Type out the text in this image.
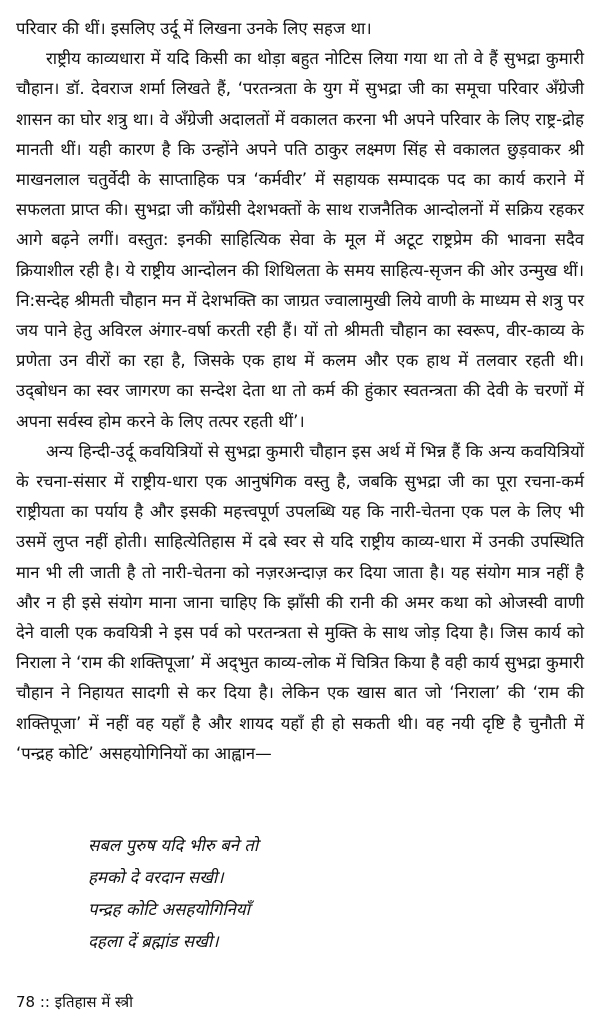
परिवार की थीं। इसलिए उर्दू में लिखना उनके लिए सहज था।

राष्ट्रीय काव्यधारा में यदि किसी का थोड़ा बहुत नोटिस लिया गया था तो वे हैं सुभद्रा कुमारी चौहान। डॉ. देवराज शर्मा लिखते हैं, ‘परतन्त्रता के युग में सुभद्रा जी का समूचा परिवार अँग्रेजी शासन का घोर शत्रु था। वे अँग्रेजी अदालतों में वकालत करना भी अपने परिवार के लिए राष्ट्र-द्रोह मानती थीं। यही कारण है कि उन्होंने अपने पति ठाकुर लक्ष्मण सिंह से वकालत छुड़वाकर श्री माखनलाल चतुर्वेदी के साप्ताहिक पत्र ‘कर्मवीर’ में सहायक सम्पादक पद का कार्य कराने में सफलता प्राप्त की। सुभद्रा जी काँग्रेसी देशभक्तों के साथ राजनैतिक आन्दोलनों में सक्रिय रहकर आगे बढ़ने लगीं। वस्तुत: इनकी साहित्यिक सेवा के मूल में अटूट राष्ट्रप्रेम की भावना सदैव क्रियाशील रही है। ये राष्ट्रीय आन्दोलन की शिथिलता के समय साहित्य-सृजन की ओर उन्मुख थीं। नि:सन्देह श्रीमती चौहान मन में देशभक्ति का जाग्रत ज्वालामुखी लिये वाणी के माध्यम से शत्रु पर जय पाने हेतु अविरल अंगार-वर्षा करती रही हैं। यों तो श्रीमती चौहान का स्वरूप, वीर-काव्य के प्रणेता उन वीरों का रहा है, जिसके एक हाथ में कलम और एक हाथ में तलवार रहती थी। उद्‌बोधन का स्वर जागरण का सन्देश देता था तो कर्म की हुंकार स्वतन्त्रता की देवी के चरणों में अपना सर्वस्व होम करने के लिए तत्पर रहती थीं’।

अन्य हिन्दी-उर्दू कवयित्रियों से सुभद्रा कुमारी चौहान इस अर्थ में भिन्न हैं कि अन्य कवयित्रियों के रचना-संसार में राष्ट्रीय-धारा एक आनुषंगिक वस्तु है, जबकि सुभद्रा जी का पूरा रचना-कर्म राष्ट्रीयता का पर्याय है और इसकी महत्त्वपूर्ण उपलब्धि यह कि नारी-चेतना एक पल के लिए भी उसमें लुप्त नहीं होती। साहित्येतिहास में दबे स्वर से यदि राष्ट्रीय काव्य-धारा में उनकी उपस्थिति मान भी ली जाती है तो नारी-चेतना को नज़रअन्दाज़ कर दिया जाता है। यह संयोग मात्र नहीं है और न ही इसे संयोग माना जाना चाहिए कि झाँसी की रानी की अमर कथा को ओजस्वी वाणी देने वाली एक कवयित्री ने इस पर्व को परतन्त्रता से मुक्ति के साथ जोड़ दिया है। जिस कार्य को निराला ने ‘राम की शक्तिपूजा’ में अद्‌भुत काव्य-लोक में चित्रित किया है वही कार्य सुभद्रा कुमारी चौहान ने निहायत सादगी से कर दिया है। लेकिन एक खास बात जो ‘निराला’ की ‘राम की शक्तिपूजा’ में नहीं वह यहाँ है और शायद यहाँ ही हो सकती थी। वह नयी दृष्टि है चुनौती में ‘पन्द्रह कोटि’ असहयोगिनियों का आह्वान—

सबल पुरुष यदि भीरु बने तो
हमको दे वरदान सखी।
पन्द्रह कोटि असहयोगिनियाँ
दहला दें ब्रह्मांड सखी।
78 :: इतिहास में स्त्री
